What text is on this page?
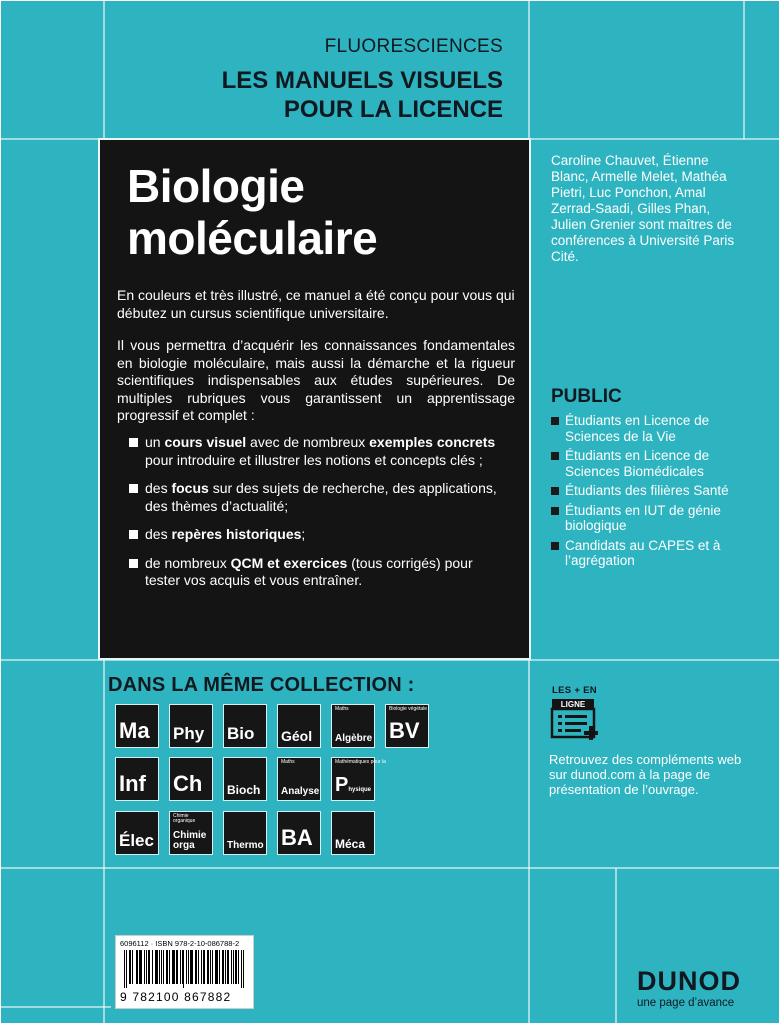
FLUORESCIENCES
LES MANUELS VISUELS
POUR LA LICENCE
Biologie
moléculaire
En couleurs et très illustré, ce manuel a été conçu pour vous qui débutez un cursus scientifique universitaire.
Il vous permettra d’acquérir les connaissances fondamentales en biologie moléculaire, mais aussi la démarche et la rigueur scientifiques indispensables aux études supérieures. De multiples rubriques vous garantissent un apprentissage progressif et complet :
un cours visuel avec de nombreux exemples concrets pour introduire et illustrer les notions et concepts clés ;
des focus sur des sujets de recherche, des applications, des thèmes d’actualité;
des repères historiques;
de nombreux QCM et exercices (tous corrigés) pour tester vos acquis et vous entraîner.
Caroline Chauvet, Étienne Blanc, Armelle Melet, Mathéa Pietri, Luc Ponchon, Amal Zerrad-Saadi, Gilles Phan, Julien Grenier sont maîtres de conférences à Université Paris Cité.
PUBLIC
Étudiants en Licence de Sciences de la Vie
Étudiants en Licence de Sciences Biomédicales
Étudiants des filières Santé
Étudiants en IUT de génie biologique
Candidats au CAPES et à l’agrégation
DANS LA MÊME COLLECTION :
Ma Phy Bio Géol
Maths
Algèbre
Biologie végétale
BV
Inf Ch Bioch
Maths
Analyse
Mathématiques pour la
Physique
Élec
Chimie organique
Chimie orga	Thermo BA Méca
LES + EN
LIGNE
Retrouvez des compléments web sur dunod.com à la page de présentation de l’ouvrage.
6096112 · ISBN 978-2-10-086788-2
9 782100 867882
DUNOD
une page d’avance
